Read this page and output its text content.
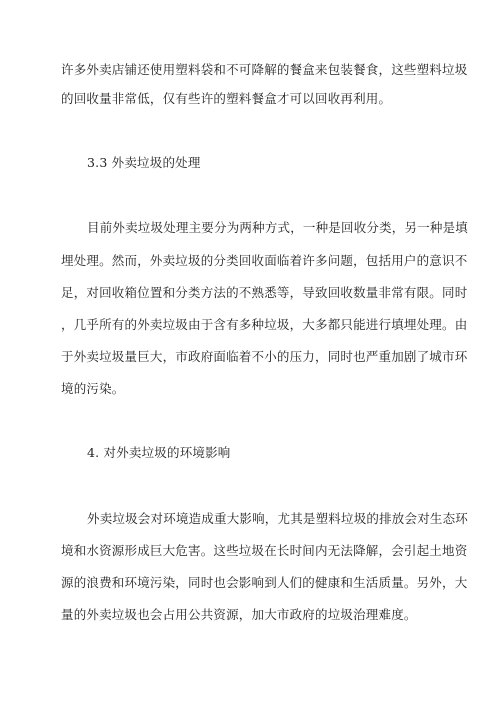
许多外卖店铺还使用塑料袋和不可降解的餐盒来包装餐食，这些塑料垃圾
的回收量非常低，仅有些许的塑料餐盒才可以回收再利用。
3.3 外卖垃圾的处理
目前外卖垃圾处理主要分为两种方式，一种是回收分类，另一种是填
埋处理。然而，外卖垃圾的分类回收面临着许多问题，包括用户的意识不
足，对回收箱位置和分类方法的不熟悉等，导致回收数量非常有限。同时
，几乎所有的外卖垃圾由于含有多种垃圾，大多都只能进行填埋处理。由
于外卖垃圾量巨大，市政府面临着不小的压力，同时也严重加剧了城市环
境的污染。
4. 对外卖垃圾的环境影响
外卖垃圾会对环境造成重大影响，尤其是塑料垃圾的排放会对生态环
境和水资源形成巨大危害。这些垃圾在长时间内无法降解，会引起土地资
源的浪费和环境污染，同时也会影响到人们的健康和生活质量。另外，大
量的外卖垃圾也会占用公共资源，加大市政府的垃圾治理难度。
